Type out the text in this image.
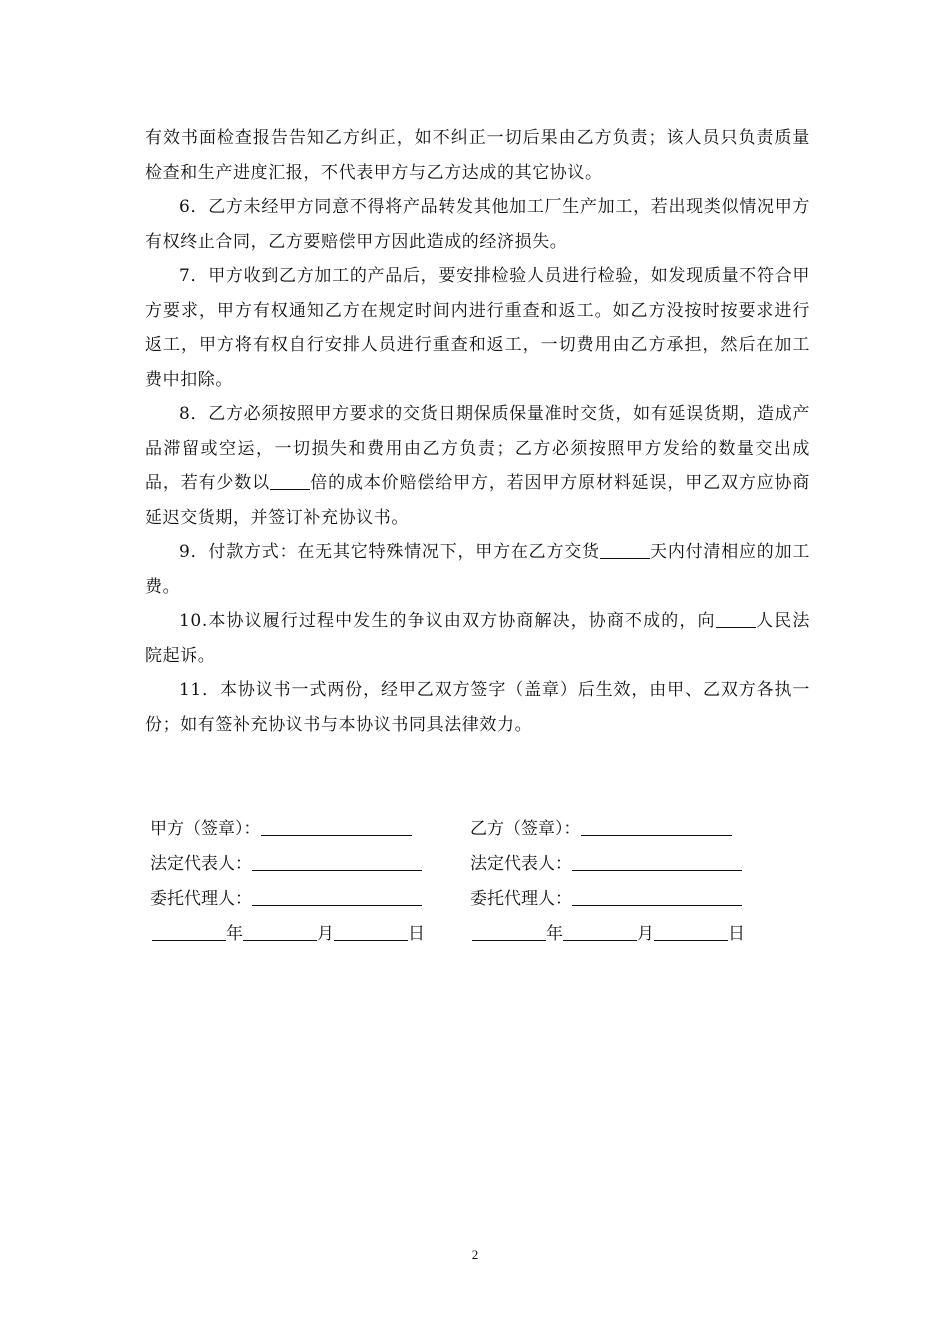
有效书面检查报告告知乙方纠正，如不纠正一切后果由乙方负责；该人员只负责质量检查和生产进度汇报，不代表甲方与乙方达成的其它协议。

6．乙方未经甲方同意不得将产品转发其他加工厂生产加工，若出现类似情况甲方有权终止合同，乙方要赔偿甲方因此造成的经济损失。

7．甲方收到乙方加工的产品后，要安排检验人员进行检验，如发现质量不符合甲方要求，甲方有权通知乙方在规定时间内进行重查和返工。如乙方没按时按要求进行返工，甲方将有权自行安排人员进行重查和返工，一切费用由乙方承担，然后在加工费中扣除。

8．乙方必须按照甲方要求的交货日期保质保量准时交货，如有延误货期，造成产品滞留或空运，一切损失和费用由乙方负责；乙方必须按照甲方发给的数量交出成品，若有少数以 倍的成本价赔偿给甲方，若因甲方原材料延误，甲乙双方应协商延迟交货期，并签订补充协议书。

9．付款方式：在无其它特殊情况下，甲方在乙方交货	天内付清相应的加工费。

10.本协议履行过程中发生的争议由双方协商解决，协商不成的，向 人民法院起诉。

11．本协议书一式两份，经甲乙双方签字（盖章）后生效，由甲、乙双方各执一份；如有签补充协议书与本协议书同具法律效力。

甲方（签章）：	乙方（签章）：
法定代表人：	法定代表人：
委托代理人：	委托代理人：
年	月	日	年	月	日
2
